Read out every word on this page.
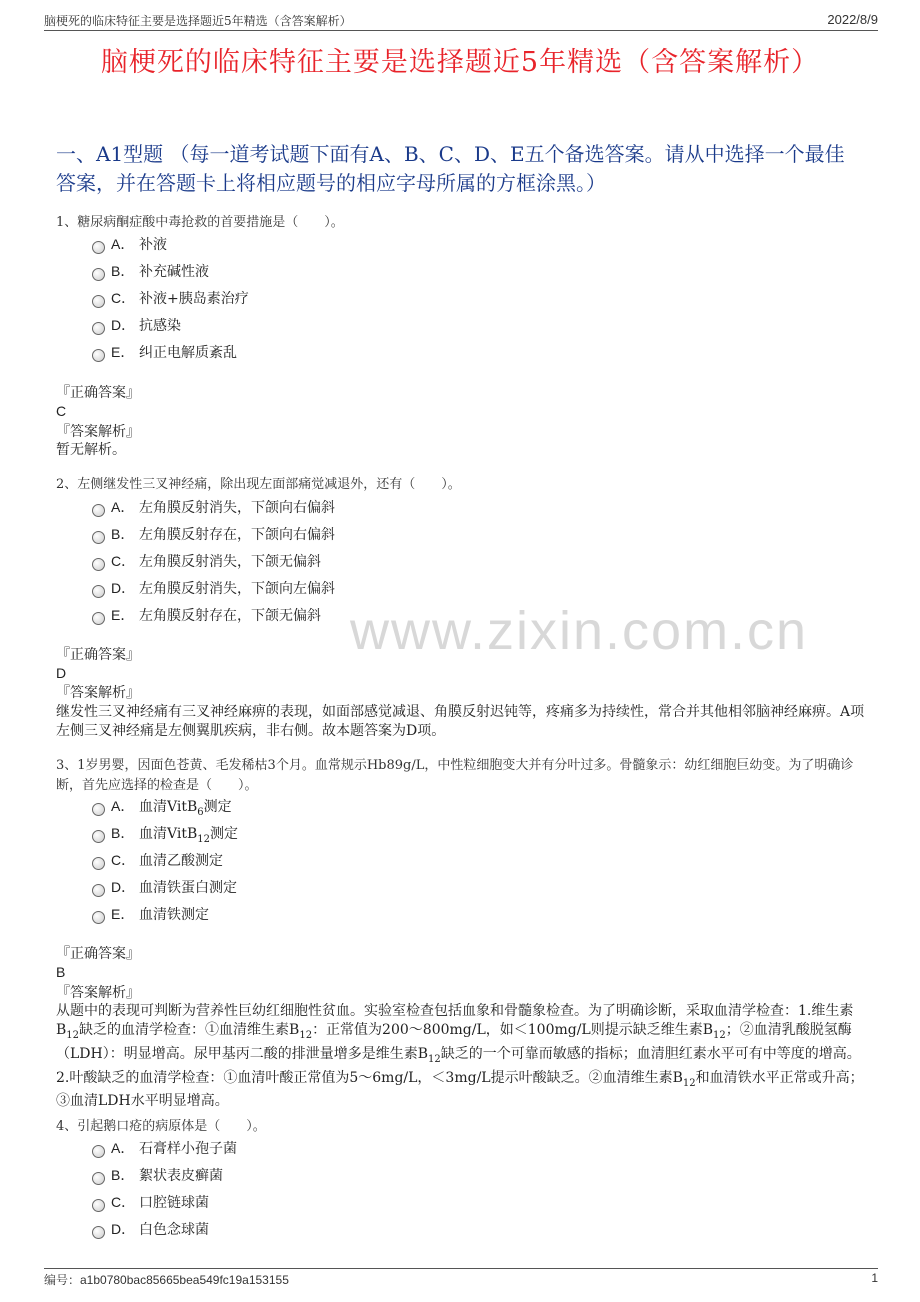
脑梗死的临床特征主要是选择题近5年精选（含答案解析）	2022/8/9
脑梗死的临床特征主要是选择题近5年精选（含答案解析）
一、A1型题 （每一道考试题下面有A、B、C、D、E五个备选答案。请从中选择一个最佳答案，并在答题卡上将相应题号的相应字母所属的方框涂黑。）
www.zixin.com.cn
1、糖尿病酮症酸中毒抢救的首要措施是（　　）。
A． 补液
B． 补充碱性液
C． 补液+胰岛素治疗
D． 抗感染
E． 纠正电解质紊乱
『正确答案』
C
『答案解析』
暂无解析。
2、左侧继发性三叉神经痛，除出现左面部痛觉减退外，还有（　　）。
A． 左角膜反射消失，下颌向右偏斜
B． 左角膜反射存在，下颌向右偏斜
C． 左角膜反射消失，下颌无偏斜
D． 左角膜反射消失，下颌向左偏斜
E． 左角膜反射存在，下颌无偏斜
『正确答案』
D
『答案解析』
继发性三叉神经痛有三叉神经麻痹的表现，如面部感觉减退、角膜反射迟钝等，疼痛多为持续性，常合并其他相邻脑神经麻痹。A项左侧三叉神经痛是左侧翼肌疾病，非右侧。故本题答案为D项。
3、1岁男婴，因面色苍黄、毛发稀枯3个月。血常规示Hb89g/L，中性粒细胞变大并有分叶过多。骨髓象示：幼红细胞巨幼变。为了明确诊断，首先应选择的检查是（　　）。
A． 血清VitB$_6$测定
B． 血清VitB$_{12}$测定
C． 血清乙酸测定
D． 血清铁蛋白测定
E． 血清铁测定
『正确答案』
B
『答案解析』
从题中的表现可判断为营养性巨幼红细胞性贫血。实验室检查包括血象和骨髓象检查。为了明确诊断，采取血清学检查：1.维生素$B_{12}$缺乏的血清学检查：①血清维生素$B_{12}$：正常值为200～800mg/L，如＜100mg/L则提示缺乏维生素$B_{12}$；②血清乳酸脱氢酶（LDH）：明显增高。尿甲基丙二酸的排泄量增多是维生素$B_{12}$缺乏的一个可靠而敏感的指标；血清胆红素水平可有中等度的增高。2.叶酸缺乏的血清学检查：①血清叶酸正常值为5～6mg/L，＜3mg/L提示叶酸缺乏。②血清维生素$B_{12}$和血清铁水平正常或升高；③血清LDH水平明显增高。
4、引起鹅口疮的病原体是（　　）。
A． 石膏样小孢子菌
B． 絮状表皮癣菌
C． 口腔链球菌
D． 白色念球菌
编号：a1b0780bac85665bea549fc19a153155	1
